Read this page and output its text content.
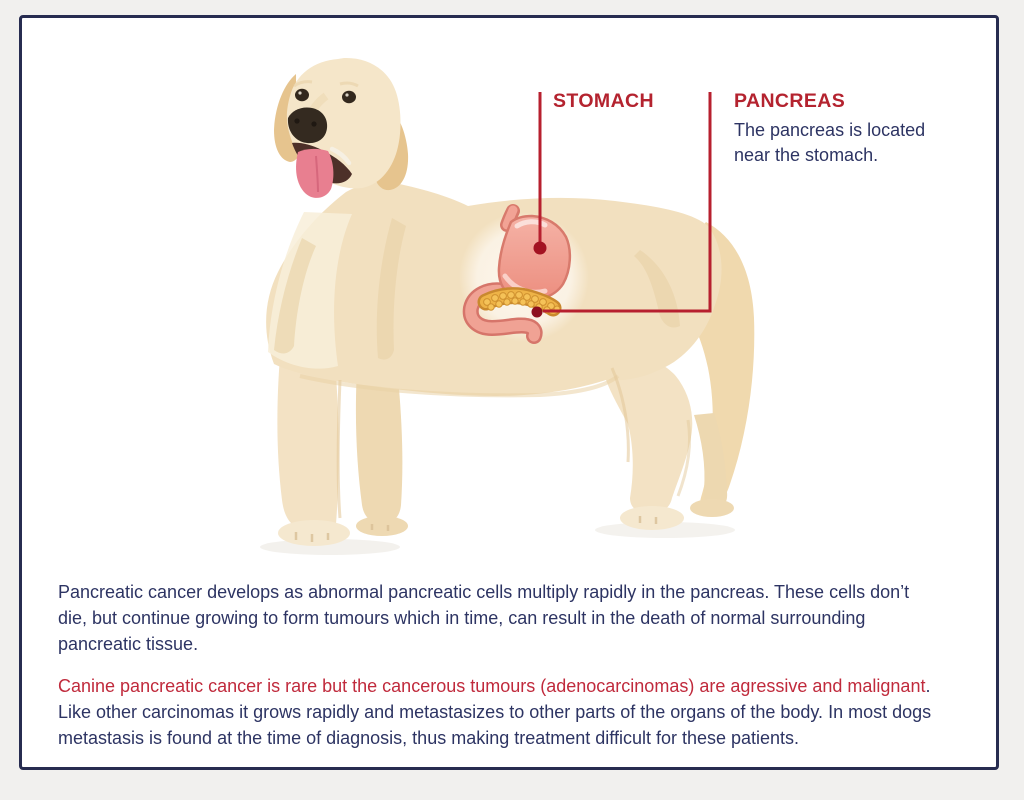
STOMACH	PANCREAS
The pancreas is located
near the stomach.

Pancreatic cancer develops as abnormal pancreatic cells multiply rapidly in the pancreas. These cells don’t
die, but continue growing to form tumours which in time, can result in the death of normal surrounding
pancreatic tissue.

Canine pancreatic cancer is rare but the cancerous tumours (adenocarcinomas) are agressive and malignant.
Like other carcinomas it grows rapidly and metastasizes to other parts of the organs of the body. In most dogs
metastasis is found at the time of diagnosis, thus making treatment difficult for these patients.
